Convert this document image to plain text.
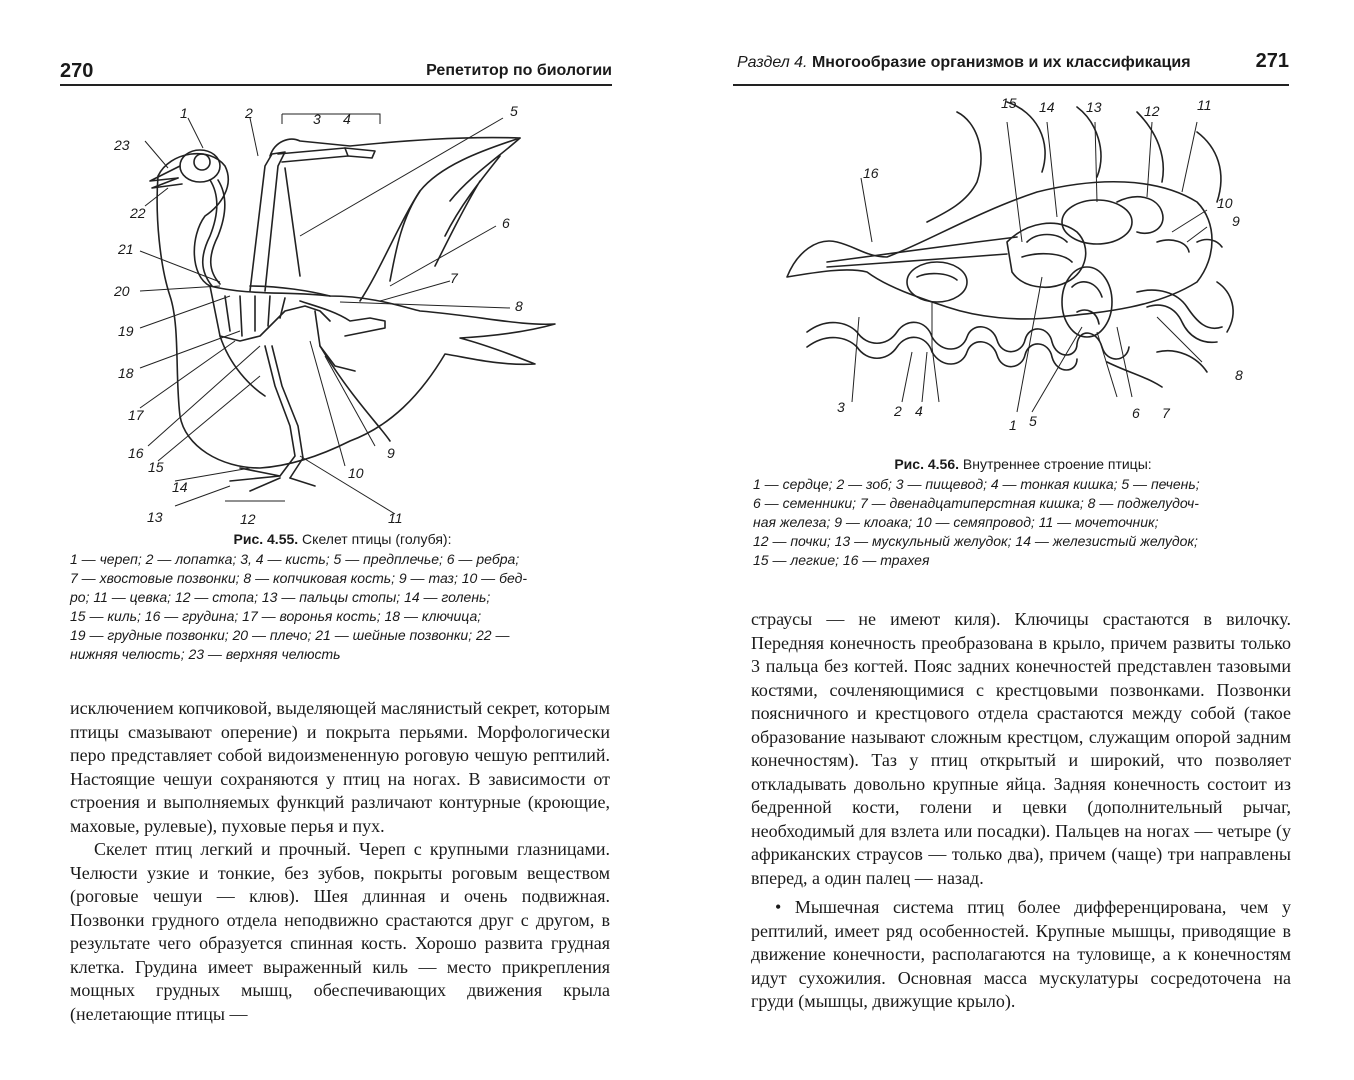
270	Репетитор по биологии
1	2	3 4	5
6
7
8
9
10
11
12
13
14
15
16
17
18
19
20
21
22
23
Рис. 4.55. Скелет птицы (голубя):
1 — череп; 2 — лопатка; 3, 4 — кисть; 5 — предплечье; 6 — ребра;
7 — хвостовые позвонки; 8 — копчиковая кость; 9 — таз; 10 — бед-
ро; 11 — цевка; 12 — стопа; 13 — пальцы стопы; 14 — голень;
15 — киль; 16 — грудина; 17 — воронья кость; 18 — ключица;
19 — грудные позвонки; 20 — плечо; 21 — шейные позвонки; 22 —
нижняя челюсть; 23 — верхняя челюсть

исключением копчиковой, выделяющей маслянистый секрет, которым птицы смазывают оперение) и покрыта перьями. Морфологически перо представляет собой видоизмененную роговую чешую рептилий. Настоящие чешуи сохраняются у птиц на ногах. В зависимости от строения и выполняемых функций различают контурные (кроющие, маховые, рулевые), пуховые перья и пух.

Скелет птиц легкий и прочный. Череп с крупными глазницами. Челюсти узкие и тонкие, без зубов, покрыты роговым веществом (роговые чешуи — клюв). Шея длинная и очень подвижная. Позвонки грудного отдела неподвижно срастаются друг с другом, в результате чего образуется спинная кость. Хорошо развита грудная клетка. Грудина имеет выраженный киль — место прикрепления мощных грудных мышц, обеспечивающих движения крыла (нелетающие птицы —

Раздел 4. Многообразие организмов и их классификация	271
16
15 14 13	12	11
10
9
8
3	2 4
1 5	6 7
Рис. 4.56. Внутреннее строение птицы:
1 — сердце; 2 — зоб; 3 — пищевод; 4 — тонкая кишка; 5 — печень;
6 — семенники; 7 — двенадцатиперстная кишка; 8 — поджелудоч-
ная железа; 9 — клоака; 10 — семяпровод; 11 — мочеточник;
12 — почки; 13 — мускульный желудок; 14 — железистый желудок;
15 — легкие; 16 — трахея

страусы — не имеют киля). Ключицы срастаются в вилочку. Передняя конечность преобразована в крыло, причем развиты только 3 пальца без когтей. Пояс задних конечностей представлен тазовыми костями, сочленяющимися с крестцовыми позвонками. Позвонки поясничного и крестцового отдела срастаются между собой (такое образование называют сложным крестцом, служащим опорой задним конечностям). Таз у птиц открытый и широкий, что позволяет откладывать довольно крупные яйца. Задняя конечность состоит из бедренной кости, голени и цевки (дополнительный рычаг, необходимый для взлета или посадки). Пальцев на ногах — четыре (у африканских страусов — только два), причем (чаще) три направлены вперед, а один палец — назад.

• Мышечная система птиц более дифференцирована, чем у рептилий, имеет ряд особенностей. Крупные мышцы, приводящие в движение конечности, располагаются на туловище, а к конечностям идут сухожилия. Основная масса мускулатуры сосредоточена на груди (мышцы, движущие крыло).
